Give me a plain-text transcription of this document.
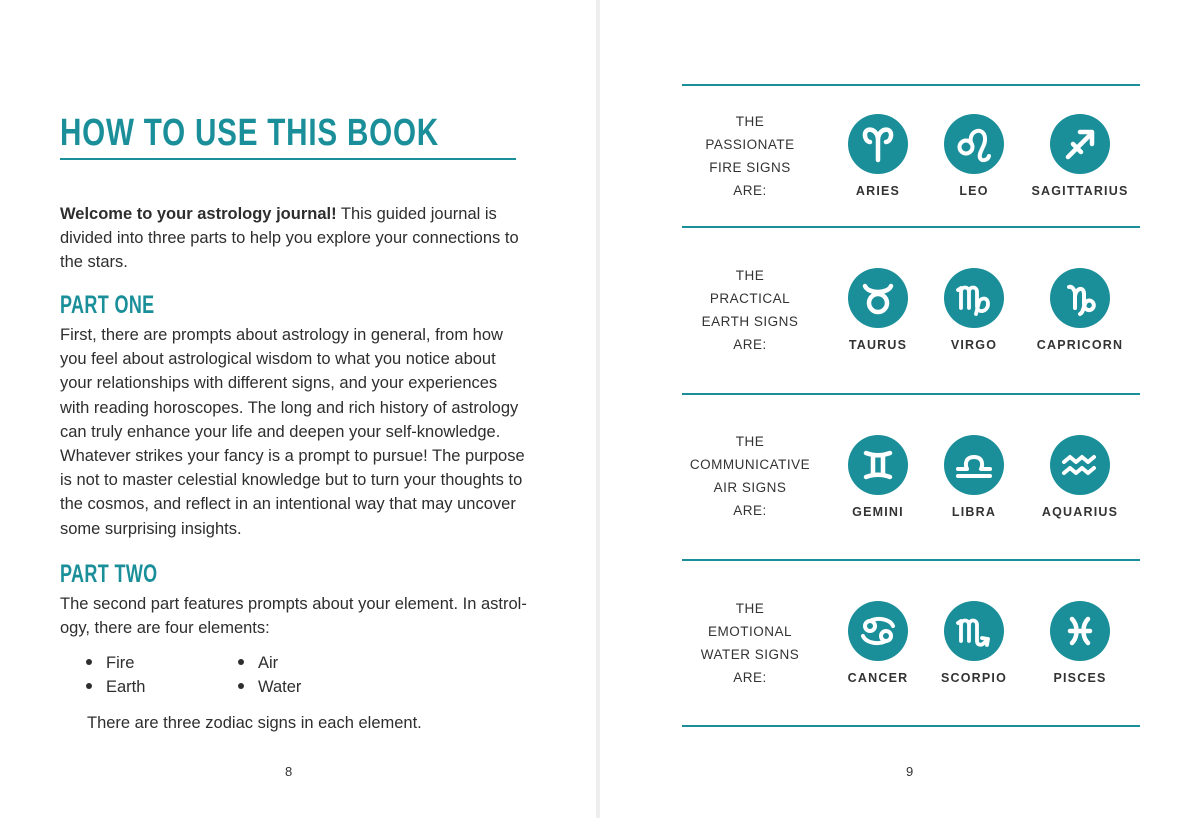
HOW TO USE THIS BOOK
Welcome to your astrology journal! This guided journal is divided into three parts to help you explore your connections to the stars.
PART ONE
First, there are prompts about astrology in general, from how you feel about astrological wisdom to what you notice about your relationships with different signs, and your experiences with reading horoscopes. The long and rich history of astrology can truly enhance your life and deepen your self-knowledge. Whatever strikes your fancy is a prompt to pursue! The purpose is not to master celestial knowledge but to turn your thoughts to the cosmos, and reflect in an intentional way that may uncover some surprising insights.
PART TWO
The second part features prompts about your element. In astrol-ogy, there are four elements:
Fire	Air
Earth	Water
There are three zodiac signs in each element.
8	9
THE
PASSIONATE
FIRE SIGNS
ARE:	ARIES	LEO	SAGITTARIUS
THE
PRACTICAL
EARTH SIGNS
ARE:	TAURUS	VIRGO	CAPRICORN
THE
COMMUNICATIVE
AIR SIGNS
ARE:	GEMINI	LIBRA	AQUARIUS
THE
EMOTIONAL
WATER SIGNS
ARE:	CANCER	SCORPIO	PISCES
